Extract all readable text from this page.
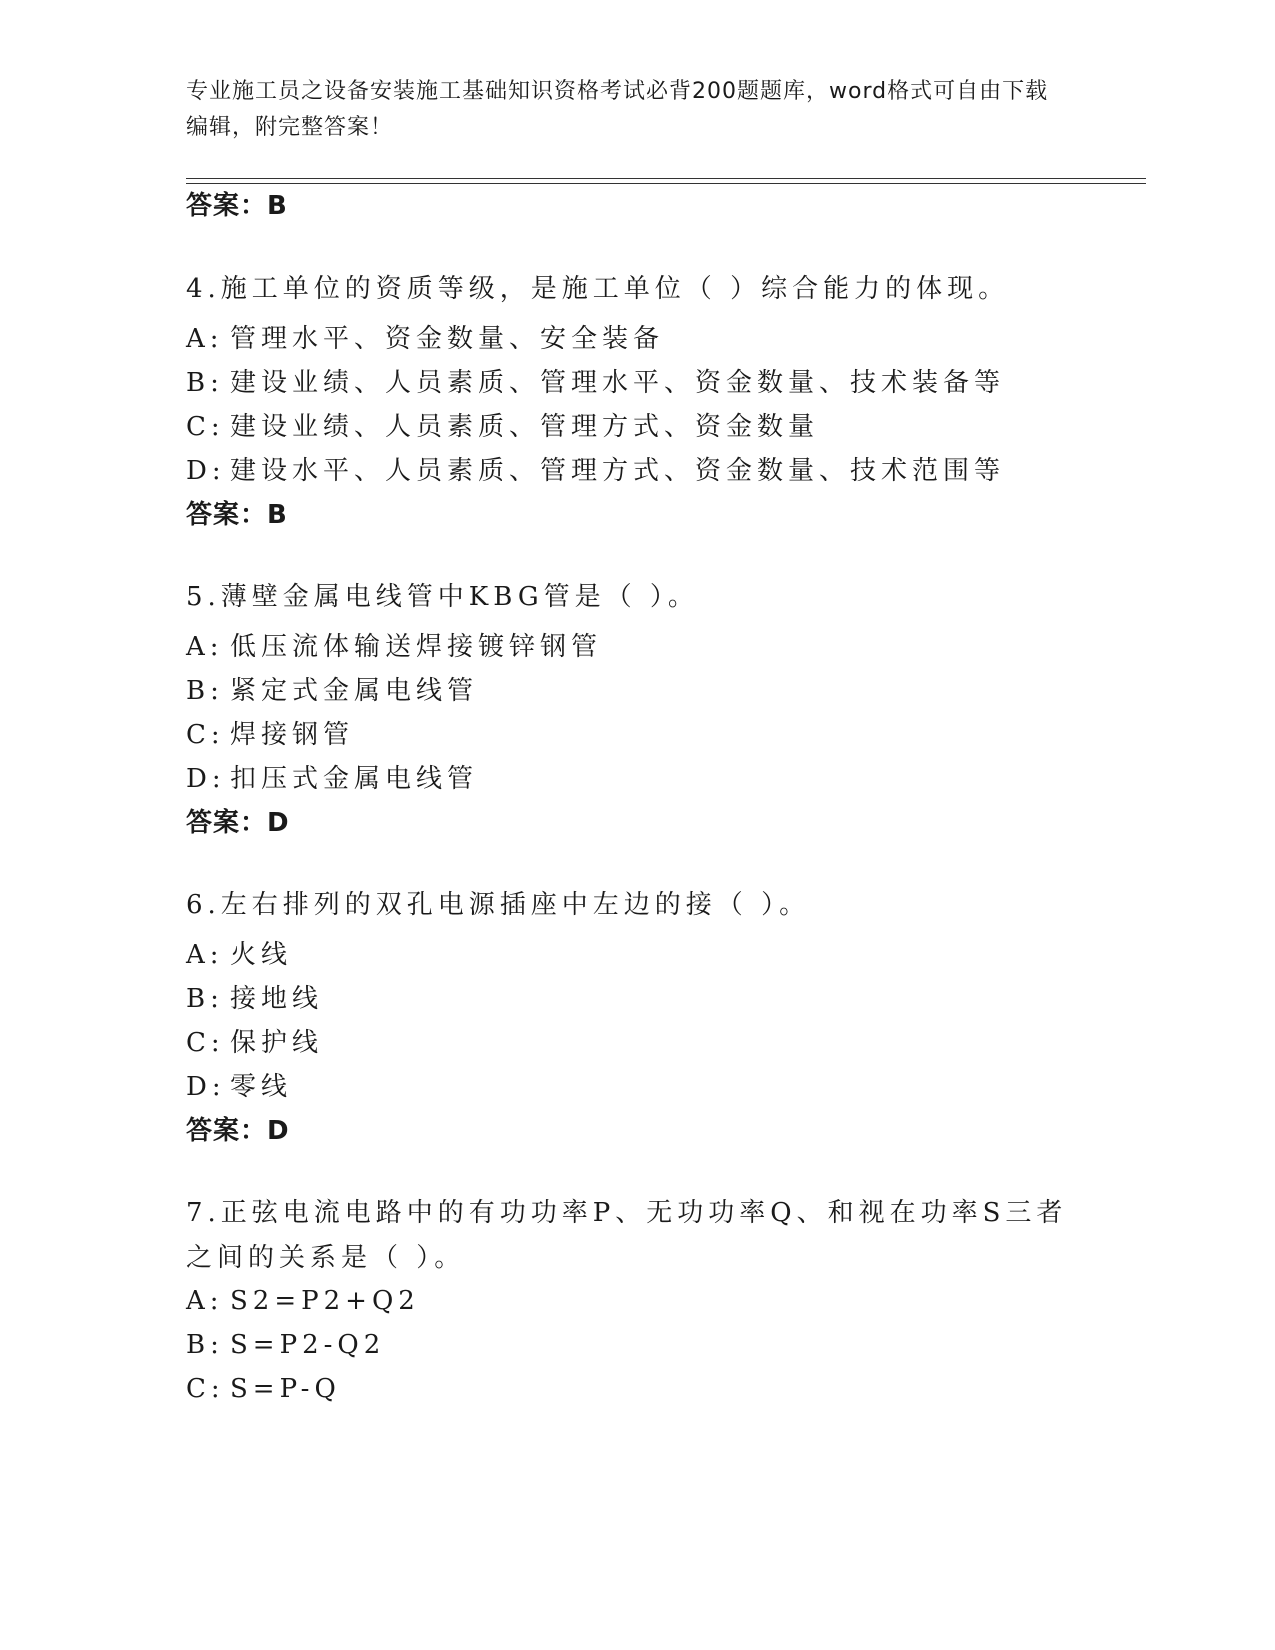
专业施工员之设备安装施工基础知识资格考试必背200题题库，word格式可自由下载编辑，附完整答案！
答案：B
4.施工单位的资质等级，是施工单位（ ）综合能力的体现。
A: 管理水平、资金数量、安全装备
B: 建设业绩、人员素质、管理水平、资金数量、技术装备等
C: 建设业绩、人员素质、管理方式、资金数量
D: 建设水平、人员素质、管理方式、资金数量、技术范围等
答案：B
5.薄壁金属电线管中KBG管是（ ）。
A: 低压流体输送焊接镀锌钢管
B: 紧定式金属电线管
C: 焊接钢管
D: 扣压式金属电线管
答案：D
6.左右排列的双孔电源插座中左边的接（ ）。
A: 火线
B: 接地线
C: 保护线
D: 零线
答案：D
7.正弦电流电路中的有功功率P、无功功率Q、和视在功率S三者之间的关系是（ ）。
A: S2=P2+Q2
B: S=P2-Q2
C: S=P-Q
